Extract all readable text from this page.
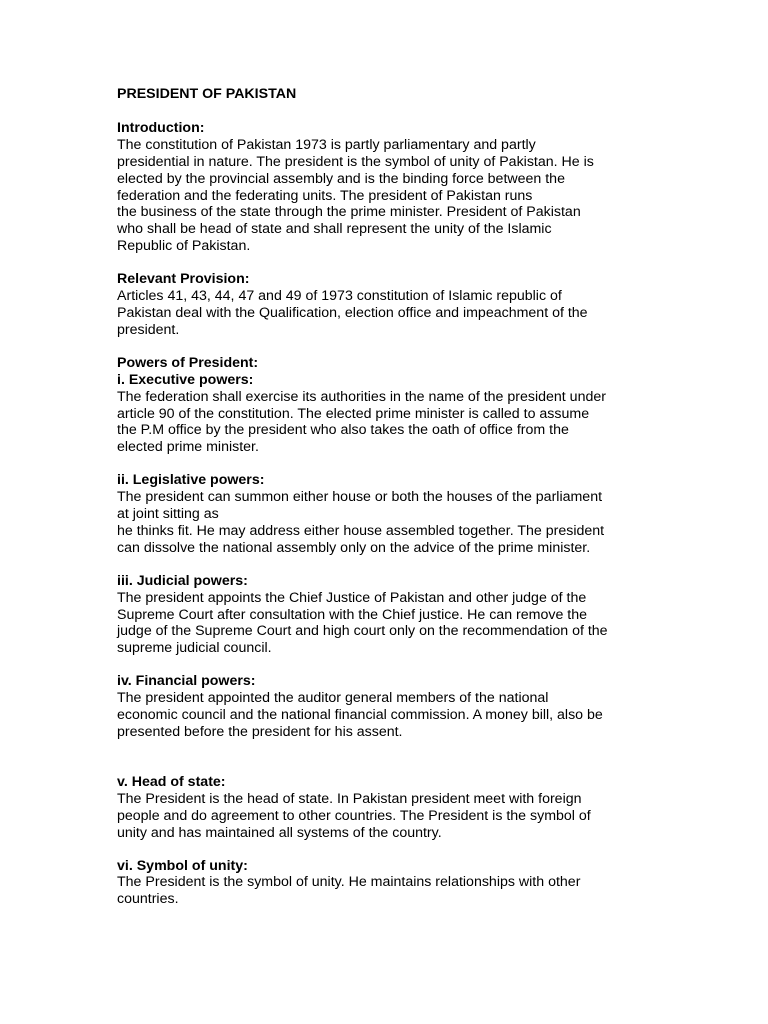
PRESIDENT OF PAKISTAN
Introduction:
The constitution of Pakistan 1973 is partly parliamentary and partly
presidential in nature. The president is the symbol of unity of Pakistan. He is
elected by the provincial assembly and is the binding force between the
federation and the federating units. The president of Pakistan runs
the business of the state through the prime minister. President of Pakistan
who shall be head of state and shall represent the unity of the Islamic
Republic of Pakistan.
Relevant Provision:
Articles 41, 43, 44, 47 and 49 of 1973 constitution of Islamic republic of
Pakistan deal with the Qualification, election office and impeachment of the
president.
Powers of President:
i. Executive powers:
The federation shall exercise its authorities in the name of the president under
article 90 of the constitution. The elected prime minister is called to assume
the P.M office by the president who also takes the oath of office from the
elected prime minister.
ii. Legislative powers:
The president can summon either house or both the houses of the parliament
at joint sitting as
he thinks fit. He may address either house assembled together. The president
can dissolve the national assembly only on the advice of the prime minister.
iii. Judicial powers:
The president appoints the Chief Justice of Pakistan and other judge of the
Supreme Court after consultation with the Chief justice. He can remove the
judge of the Supreme Court and high court only on the recommendation of the
supreme judicial council.
iv. Financial powers:
The president appointed the auditor general members of the national
economic council and the national financial commission. A money bill, also be
presented before the president for his assent.
v. Head of state:
The President is the head of state. In Pakistan president meet with foreign
people and do agreement to other countries. The President is the symbol of
unity and has maintained all systems of the country.
vi. Symbol of unity:
The President is the symbol of unity. He maintains relationships with other
countries.
